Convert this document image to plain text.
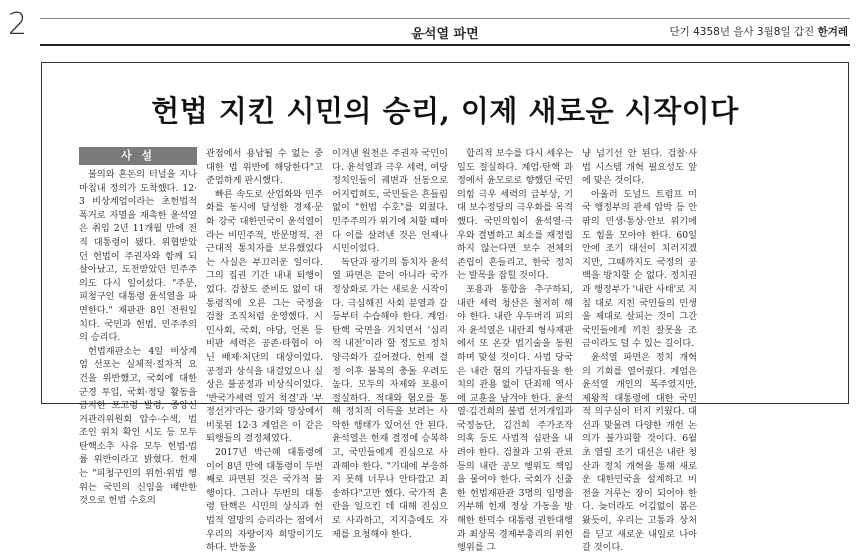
2	윤석열 파면	단기 4358년 을사 3월8일 갑진 한겨레
헌법 지킨 시민의 승리, 이제 새로운 시작이다
사 설

불의와 혼돈의 터널을 지나 마침내 정의가 도착했다. 12·3 비상계엄이라는 초헌법적 폭거로 자멸을 재촉한 윤석열은 취임 2년 11개월 만에 전직 대통령이 됐다. 위협받았던 헌법이 주권자와 함께 되살아났고, 도전받았던 민주주의도 다시 일어섰다. "주문, 피청구인 대통령 윤석열을 파면한다." 재판관 8인 전원일치다. 국민과 헌법, 민주주의의 승리다.

헌법재판소는 4일 비상계엄 선포는 실체적·절차적 요건을 위반했고, 국회에 대한 군경 투입, 국회·정당 활동을 금지한 포고령 발령, 중앙선거관리위원회 압수·수색, 법조인 위치 확인 시도 등 모두 탄핵소추 사유 모두 헌법·법률 위반이라고 밝혔다. 헌재는 "피청구인의 위헌·위법 행위는 국민의 신임을 배반한 것으로 헌법 수호의

관점에서 용납될 수 없는 중대한 법 위반에 해당한다"고 준엄하게 판시했다.

빠른 속도로 산업화와 민주화를 동시에 달성한 경제·문화 강국 대한민국이 윤석열이라는 비민주적, 반문명적, 전근대적 통치자를 보유했었다는 사실은 부끄러운 일이다. 그의 집권 기간 내내 퇴행이었다. 검찰도 준비도 없이 대통령직에 오른 그는 국정을 검찰 조직처럼 운영했다. 시민사회, 국회, 야당, 언론 등 비판 세력은 공존·타협이 아닌 배제·처단의 대상이었다. 공정과 상식을 내걸었으나 실상은 불공정과 비상식이었다. '반국가세력 일거 척결'과 '부정선거'라는 광기와 망상에서 비롯된 12·3 계엄은 이 같은 퇴행들의 결정체였다.

2017년 박근혜 대통령에 이어 8년 만에 대통령이 두번째로 파면된 것은 국가적 불행이다. 그러나 두번의 대통령 탄핵은 시민의 상식과 헌법적 열망의 승리라는 점에서 우리의 자랑이자 희망이기도 하다. 반동을

이겨낸 원천은 주권자 국민이다. 윤석열과 극우 세력, 여당 정치인들이 궤변과 선동으로 어지럽혀도, 국민들은 흔들림 없이 "헌법 수호"를 외쳤다. 민주주의가 위기에 처할 때마다 이를 살려낸 것은 언제나 시민이었다.

독단과 광기의 통치자 윤석열 파면은 끝이 아니라 국가 정상화로 가는 새로운 시작이다. 극심해진 사회 분열과 갈등부터 수습해야 한다. 계엄·탄핵 국면을 거치면서 '심리적 내전'이라 할 정도로 정치 양극화가 깊어졌다. 헌재 결정 이후 불복의 충돌 우려도 높다. 모두의 자제와 포용이 절실하다. 적대와 혐오를 통해 정치적 이득을 보려는 사악한 행태가 있어선 안 된다. 윤석열은 헌재 결정에 승복하고, 국민들에게 진심으로 사과해야 한다. "기대에 부응하지 못해 너무나 안타깝고 죄송하다"고만 했다. 국가적 혼란을 일으킨 데 대해 진심으로 사과하고, 지지층에도 자제를 요청해야 한다.

합리적 보수를 다시 세우는 일도 절실하다. 계엄·탄핵 과정에서 윤모로로 향했던 국민의힘 극우 세력의 급부상, 기대 보수정당의 극우화를 목격했다. 국민의힘이 윤석열·극우와 결별하고 최소를 재정립하지 않는다면 보수 전체의 존립이 흔들리고, 한국 정치는 발목을 잡힐 것이다.

포용과 통합을 추구하되, 내란 세력 청산은 철저히 해야 한다. 내란 우두머리 피의자 윤석열은 내란죄 형사재판에서 또 온갖 법기술을 동원하며 맞설 것이다. 사법 당국은 내란 혐의 가담자들을 한 치의 관용 없이 단죄해 역사에 교훈을 남겨야 한다. 윤석열·김건희의 불법 선거개입과 국정농단, 김건희 주가조작 의혹 등도 사법적 심판을 내려야 한다. 검찰과 고위 관료 등의 내란 공모 행위도 책임을 물어야 한다. 국회가 신출한 헌법재판관 3명의 임명을 거부해 헌재 정상 가동을 방해한 한덕수 대통령 권한대행과 최상목 경제부총리의 위헌 행위를 그

냥 넘기선 안 된다. 검찰·사법 시스템 개혁 필요성도 앞에 맞은 것이다.

아울러 도널드 트럼프 미국 행정부의 관세 압박 등 안팎의 민생·통상·안보 위기에도 힘을 모아야 한다. 60일 안에 조기 대선이 치러지겠지만, 그때까지도 국정의 공백을 방치할 순 없다. 정치권과 행정부가 '내란 사태'로 지침 대로 지친 국민들의 민생을 제대로 살피는 것이 그간 국민들에게 끼친 잘못을 조금이라도 덜 수 있는 길이다.

윤석열 파면은 정치 개혁의 기회를 열어줬다. 계엄은 윤석열 개인의 폭주였지만, 제왕적 대통령에 대한 국민적 의구심이 터지 키웠다. 대선과 맞물려 다양한 개헌 논의가 불가피할 것이다. 6월 초 열릴 조기 대선은 내란 청산과 정치 개혁을 통해 새로운 대한민국을 설계하고 비전을 겨루는 장이 되어야 한다. 늦더라도 어김없이 봄은 왔듯이, 우리는 고통과 상처를 딛고 새로운 내일로 나아갈 것이다.
